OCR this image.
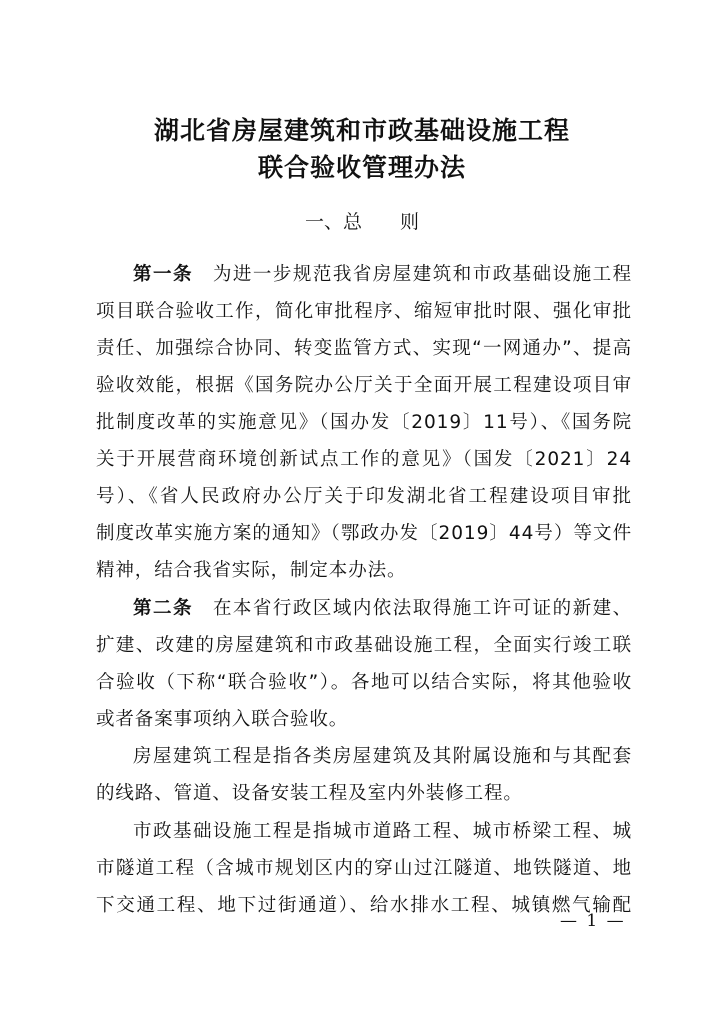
湖北省房屋建筑和市政基础设施工程
联合验收管理办法
一、总 则
第一条 为进一步规范我省房屋建筑和市政基础设施工程
项目联合验收工作，简化审批程序、缩短审批时限、强化审批
责任、加强综合协同、转变监管方式、实现“一网通办”、提高
验收效能，根据《国务院办公厅关于全面开展工程建设项目审
批制度改革的实施意见》（国办发〔2019〕11号）、《国务院
关于开展营商环境创新试点工作的意见》（国发〔2021〕24
号）、《省人民政府办公厅关于印发湖北省工程建设项目审批
制度改革实施方案的通知》（鄂政办发〔2019〕44号）等文件
精神，结合我省实际，制定本办法。
第二条 在本省行政区域内依法取得施工许可证的新建、
扩建、改建的房屋建筑和市政基础设施工程，全面实行竣工联
合验收（下称“联合验收”）。各地可以结合实际，将其他验收
或者备案事项纳入联合验收。
房屋建筑工程是指各类房屋建筑及其附属设施和与其配套
的线路、管道、设备安装工程及室内外装修工程。
市政基础设施工程是指城市道路工程、城市桥梁工程、城
市隧道工程（含城市规划区内的穿山过江隧道、地铁隧道、地
下交通工程、地下过街通道）、给水排水工程、城镇燃气输配
— 1 —
